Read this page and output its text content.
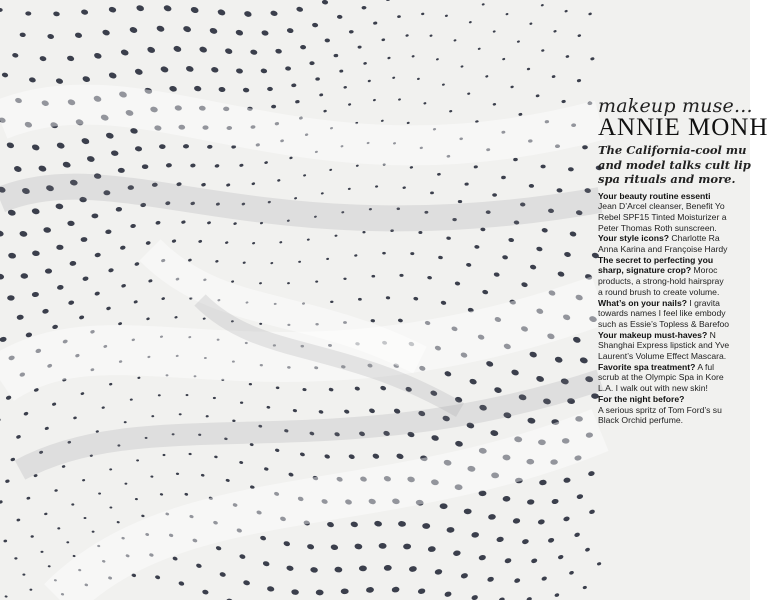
makeup muse...
ANNIE MONH
The California-cool mu
and model talks cult lip
spa rituals and more.

Your beauty routine essenti

Jean D’Arcel cleanser, Benefit Yo

Rebel SPF15 Tinted Moisturizer a

Peter Thomas Roth sunscreen.

Your style icons? Charlotte Ra

Anna Karina and Françoise Hardy

The secret to perfecting you

sharp, signature crop? Moroc

products, a strong-hold hairspray

a round brush to create volume.

What’s on your nails? I gravita

towards names I feel like embody

such as Essie’s Topless & Barefoo

Your makeup must-haves? N

Shanghai Express lipstick and Yve

Laurent’s Volume Effect Mascara.

Favorite spa treatment? A ful

scrub at the Olympic Spa in Kore

L.A. I walk out with new skin!

For the night before?

A serious spritz of Tom Ford’s su

Black Orchid perfume.
